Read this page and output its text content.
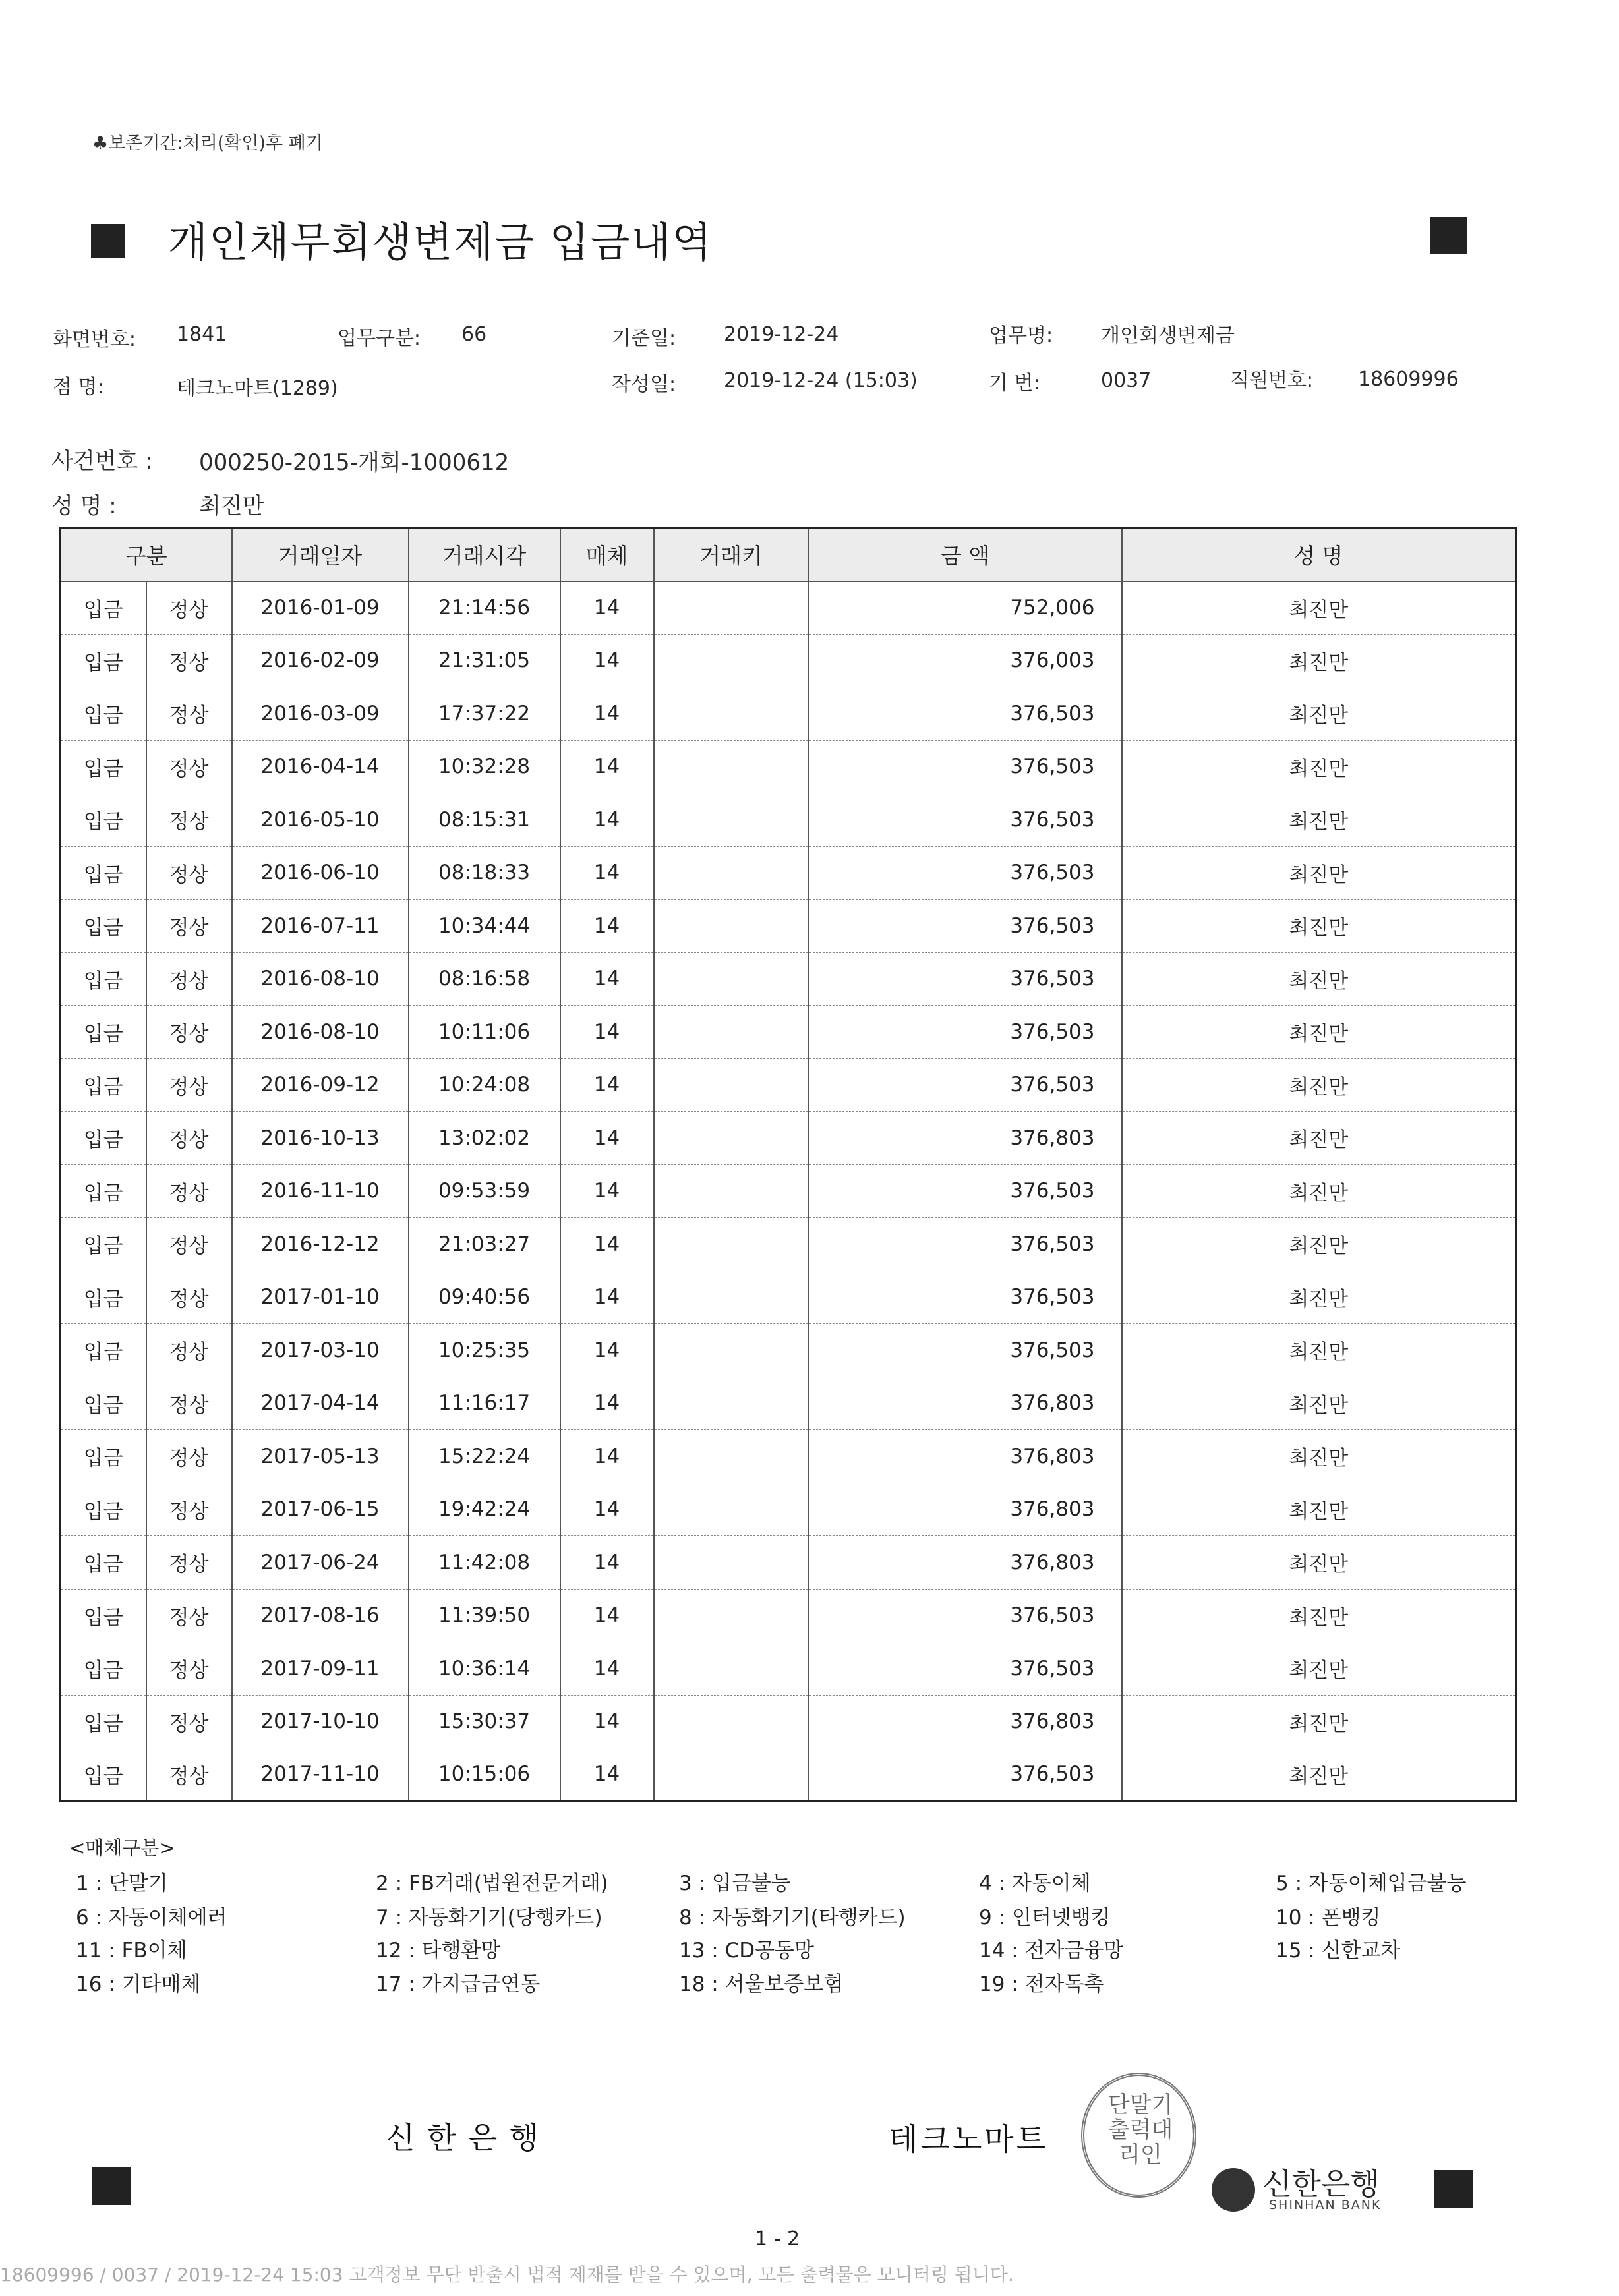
♣보존기간:처리(확인)후 폐기
개인채무회생변제금 입금내역
화면번호: 1841	업무구분: 66	기준일: 2019-12-24	업무명: 개인회생변제금
점 명:	테크노마트(1289)	작성일: 2019-12-24 (15:03)	기 번:	0037	직원번호: 18609996
사건번호 : 000250-2015-개회-1000612
성 명 :	최진만
구분		거래일자	거래시각	매체	거래키	금 액	성 명
입금	정상	2016-01-09	21:14:56	14		752,006	최진만
입금	정상	2016-02-09	21:31:05	14		376,003	최진만
입금	정상	2016-03-09	17:37:22	14		376,503	최진만
입금	정상	2016-04-14	10:32:28	14		376,503	최진만
입금	정상	2016-05-10	08:15:31	14		376,503	최진만
입금	정상	2016-06-10	08:18:33	14		376,503	최진만
입금	정상	2016-07-11	10:34:44	14		376,503	최진만
입금	정상	2016-08-10	08:16:58	14		376,503	최진만
입금	정상	2016-08-10	10:11:06	14		376,503	최진만
입금	정상	2016-09-12	10:24:08	14		376,503	최진만
입금	정상	2016-10-13	13:02:02	14		376,803	최진만
입금	정상	2016-11-10	09:53:59	14		376,503	최진만
입금	정상	2016-12-12	21:03:27	14		376,503	최진만
입금	정상	2017-01-10	09:40:56	14		376,503	최진만
입금	정상	2017-03-10	10:25:35	14		376,503	최진만
입금	정상	2017-04-14	11:16:17	14		376,803	최진만
입금	정상	2017-05-13	15:22:24	14		376,803	최진만
입금	정상	2017-06-15	19:42:24	14		376,803	최진만
입금	정상	2017-06-24	11:42:08	14		376,803	최진만
입금	정상	2017-08-16	11:39:50	14		376,503	최진만
입금	정상	2017-09-11	10:36:14	14		376,503	최진만
입금	정상	2017-10-10	15:30:37	14		376,803	최진만
입금	정상	2017-11-10	10:15:06	14		376,503	최진만
<매체구분>
1 : 단말기	2 : FB거래(법원전문거래)	3 : 입금불능	4 : 자동이체	5 : 자동이체입금불능
6 : 자동이체에러	7 : 자동화기기(당행카드)	8 : 자동화기기(타행카드)	9 : 인터넷뱅킹	10 : 폰뱅킹
11 : FB이체	12 : 타행환망	13 : CD공동망	14 : 전자금융망	15 : 신한교차
16 : 기타매체	17 : 가지급금연동	18 : 서울보증보험	19 : 전자독촉
신한은행	테크노마트
단말기출력대리인
신한은행
SHINHAN BANK
1 - 2
18609996 / 0037 / 2019-12-24 15:03 고객정보 무단 반출시 법적 제재를 받을 수 있으며, 모든 출력물은 모니터링 됩니다.
